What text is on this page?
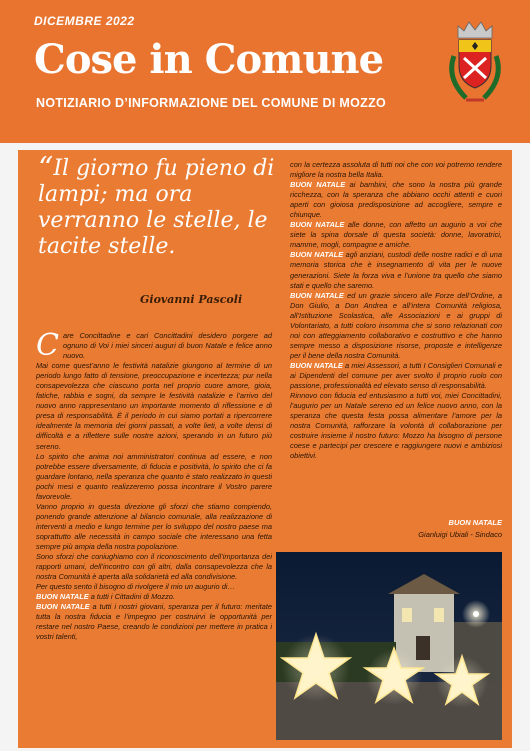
DICEMBRE 2022
Cose in Comune
NOTIZIARIO D’INFORMAZIONE DEL COMUNE DI MOZZO
“Il giorno fu pieno di lampi; ma ora verranno le stelle, le tacite stelle.
Giovanni Pascoli
C are Concittadine e cari Concittadini desidero porgere ad ognuno di Voi i miei sinceri auguri di buon Natale e felice anno nuovo.

Mai come quest’anno le festività natalizie giungono al termine di un periodo lungo fatto di tensione, preoccupazione e incertezza; pur nella consapevolezza che ciascuno porta nel proprio cuore amore, gioia, fatiche, rabbia e sogni, da sempre le festività natalizie e l’arrivo del nuovo anno rappresentano un importante momento di riflessione e di presa di responsabilità. È il periodo in cui siamo portati a ripercorrere idealmente la memoria dei giorni passati, a volte lieti, a volte densi di difficoltà e a riflettere sulle nostre azioni, sperando in un futuro più sereno.

Lo spirito che anima noi amministratori continua ad essere, e non potrebbe essere diversamente, di fiducia e positività, lo spirito che ci fa guardare lontano, nella speranza che quanto è stato realizzato in questi pochi mesi e quanto realizzeremo possa incontrare il Vostro parere favorevole.

Vanno proprio in questa direzione gli sforzi che stiamo compiendo, ponendo grande attenzione al bilancio comunale, alla realizzazione di interventi a medio e lungo termine per lo sviluppo del nostro paese ma soprattutto alle necessità in campo sociale che interessano una fetta sempre più ampia della nostra popolazione.

Sono sforzi che coniughiamo con il riconoscimento dell’importanza dei rapporti umani, dell’incontro con gli altri, dalla consapevolezza che la nostra Comunità è aperta alla solidarietà ed alla condivisione.

Per questo sento il bisogno di rivolgere il mio un augurio di…

BUON NATALE a tutti i Cittadini di Mozzo.

BUON NATALE a tutti i nostri giovani, speranza per il futuro: meritate tutta la nostra fiducia e l’impegno per costruirvi le opportunità per restare nel nostro Paese, creando le condizioni per mettere in pratica i vostri talenti,

con la certezza assoluta di tutti noi che con voi potremo rendere migliore la nostra bella Italia.

BUON NATALE ai bambini, che sono la nostra più grande ricchezza, con la speranza che abbiano occhi attenti e cuori aperti con gioiosa predisposizione ad accogliere, sempre e chiunque.

BUON NATALE alle donne, con affetto un augurio a voi che siete la spina dorsale di questa società: donne, lavoratrici, mamme, mogli, compagne e amiche.

BUON NATALE agli anziani, custodi delle nostre radici e di una memoria storica che è insegnamento di vita per le nuove generazioni. Siete la forza viva e l’unione tra quello che siamo stati e quello che saremo.

BUON NATALE ed un grazie sincero alle Forze dell’Ordine, a Don Giulio, a Don Andrea e all’intera Comunità religiosa, all’Istituzione Scolastica, alle Associazioni e ai gruppi di Volontariato, a tutti coloro insomma che si sono relazionati con noi con atteggiamento collaborativo e costruttivo e che hanno sempre messo a disposizione risorse, proposte e intelligenze per il bene della nostra Comunità.

BUON NATALE a miei Assessori, a tutti I Consiglieri Comunali e ai Dipendenti del comune per aver svolto il proprio ruolo con passione, professionalità ed elevato senso di responsabilità.

Rinnovo con fiducia ed entusiasmo a tutti voi, miei Concittadini, l’augurio per un Natale sereno ed un felice nuovo anno, con la speranza che questa festa possa alimentare l’amore per la nostra Comunità, rafforzare la volontà di collaborazione per costruire insieme il nostro futuro: Mozzo ha bisogno di persone coese e partecipi per crescere e raggiungere nuovi e ambiziosi obiettivi.

BUON NATALE
Gianluigi Ubiali - Sindaco
